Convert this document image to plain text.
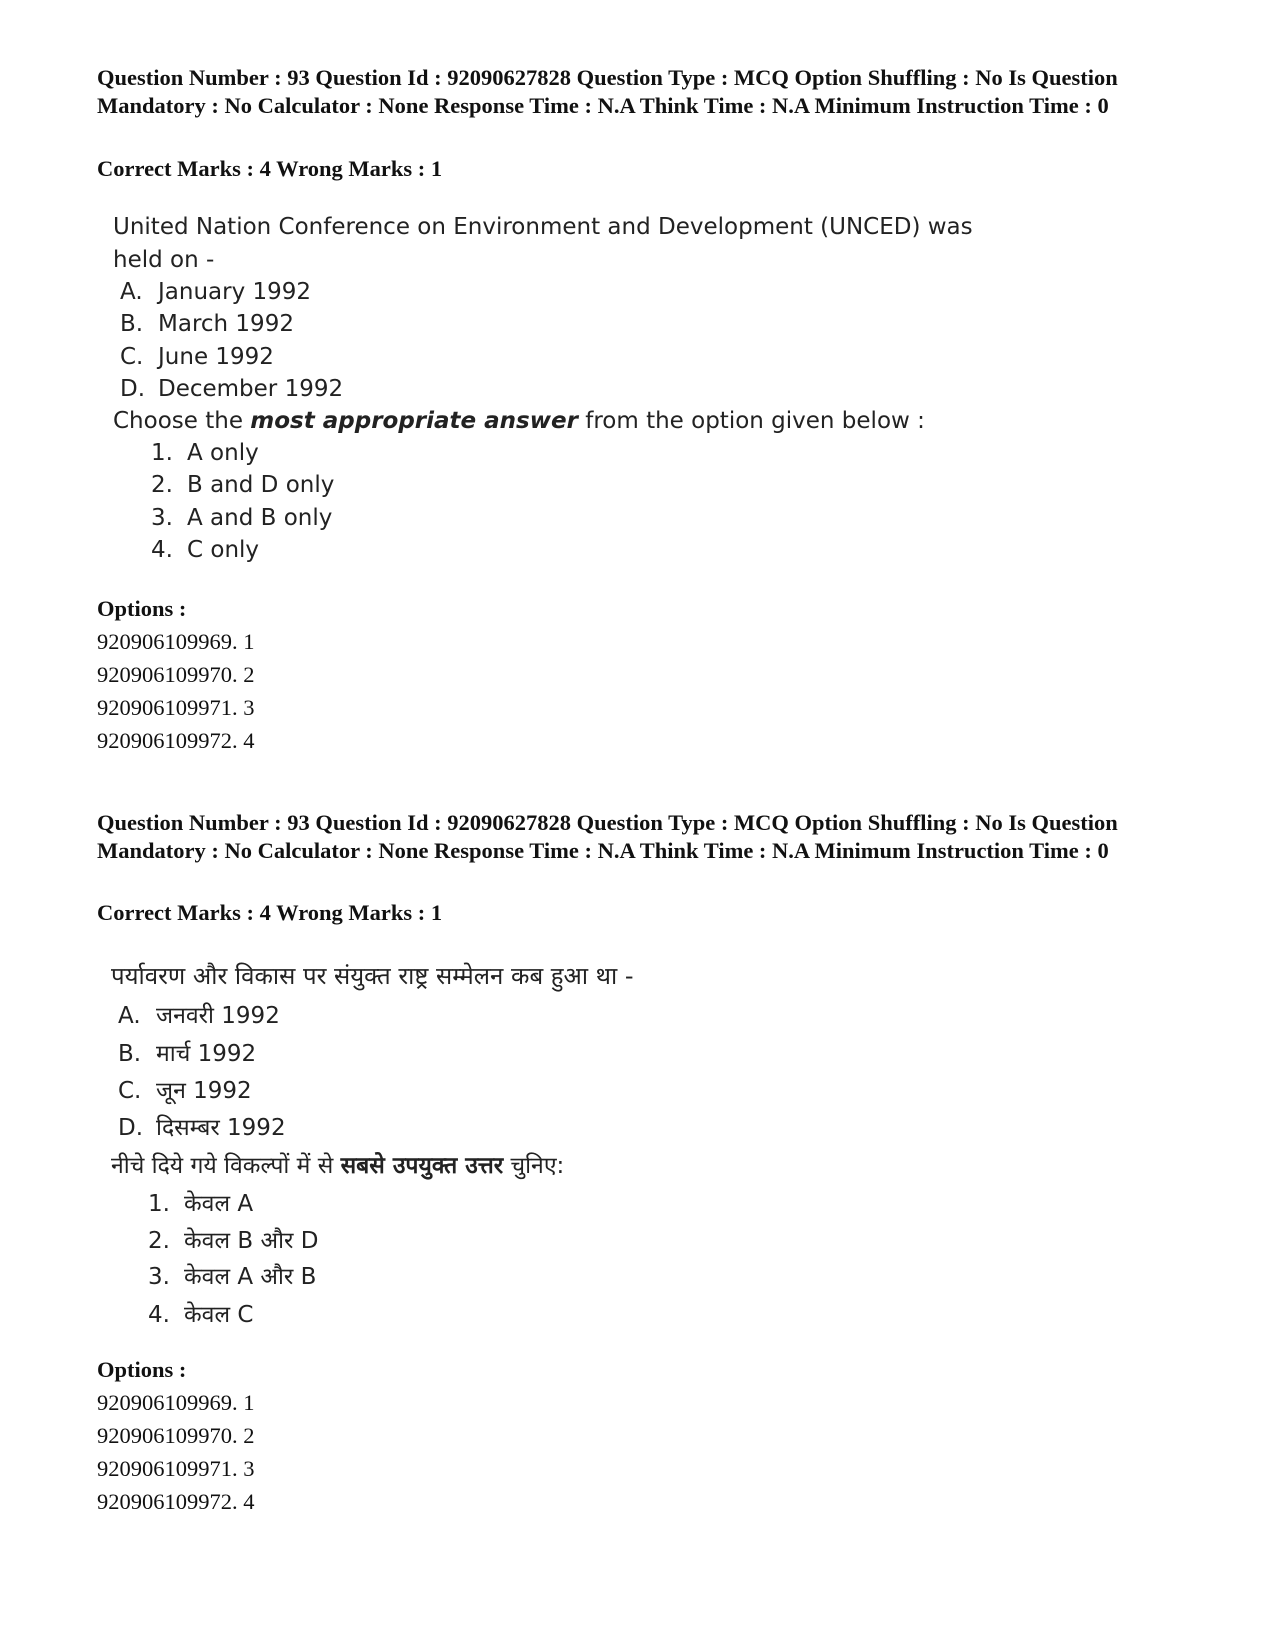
Question Number : 93 Question Id : 92090627828 Question Type : MCQ Option Shuffling : No Is Question Mandatory : No Calculator : None Response Time : N.A Think Time : N.A Minimum Instruction Time : 0

Correct Marks : 4 Wrong Marks : 1

United Nation Conference on Environment and Development (UNCED) was
held on -
A. January 1992
B. March 1992
C. June 1992
D. December 1992
Choose the most appropriate answer from the option given below :
1. A only
2. B and D only
3. A and B only
4. C only

Options :

920906109969. 1

920906109970. 2

920906109971. 3

920906109972. 4

Question Number : 93 Question Id : 92090627828 Question Type : MCQ Option Shuffling : No Is Question Mandatory : No Calculator : None Response Time : N.A Think Time : N.A Minimum Instruction Time : 0

Correct Marks : 4 Wrong Marks : 1

पर्यावरण और विकास पर संयुक्त राष्ट्र सम्मेलन कब हुआ था -
A. जनवरी 1992
B. मार्च 1992
C. जून 1992
D. दिसम्बर 1992
नीचे दिये गये विकल्पों में से सबसे उपयुक्त उत्तर चुनिए:
1. केवल A
2. केवल B और D
3. केवल A और B
4. केवल C

Options :

920906109969. 1

920906109970. 2

920906109971. 3

920906109972. 4
